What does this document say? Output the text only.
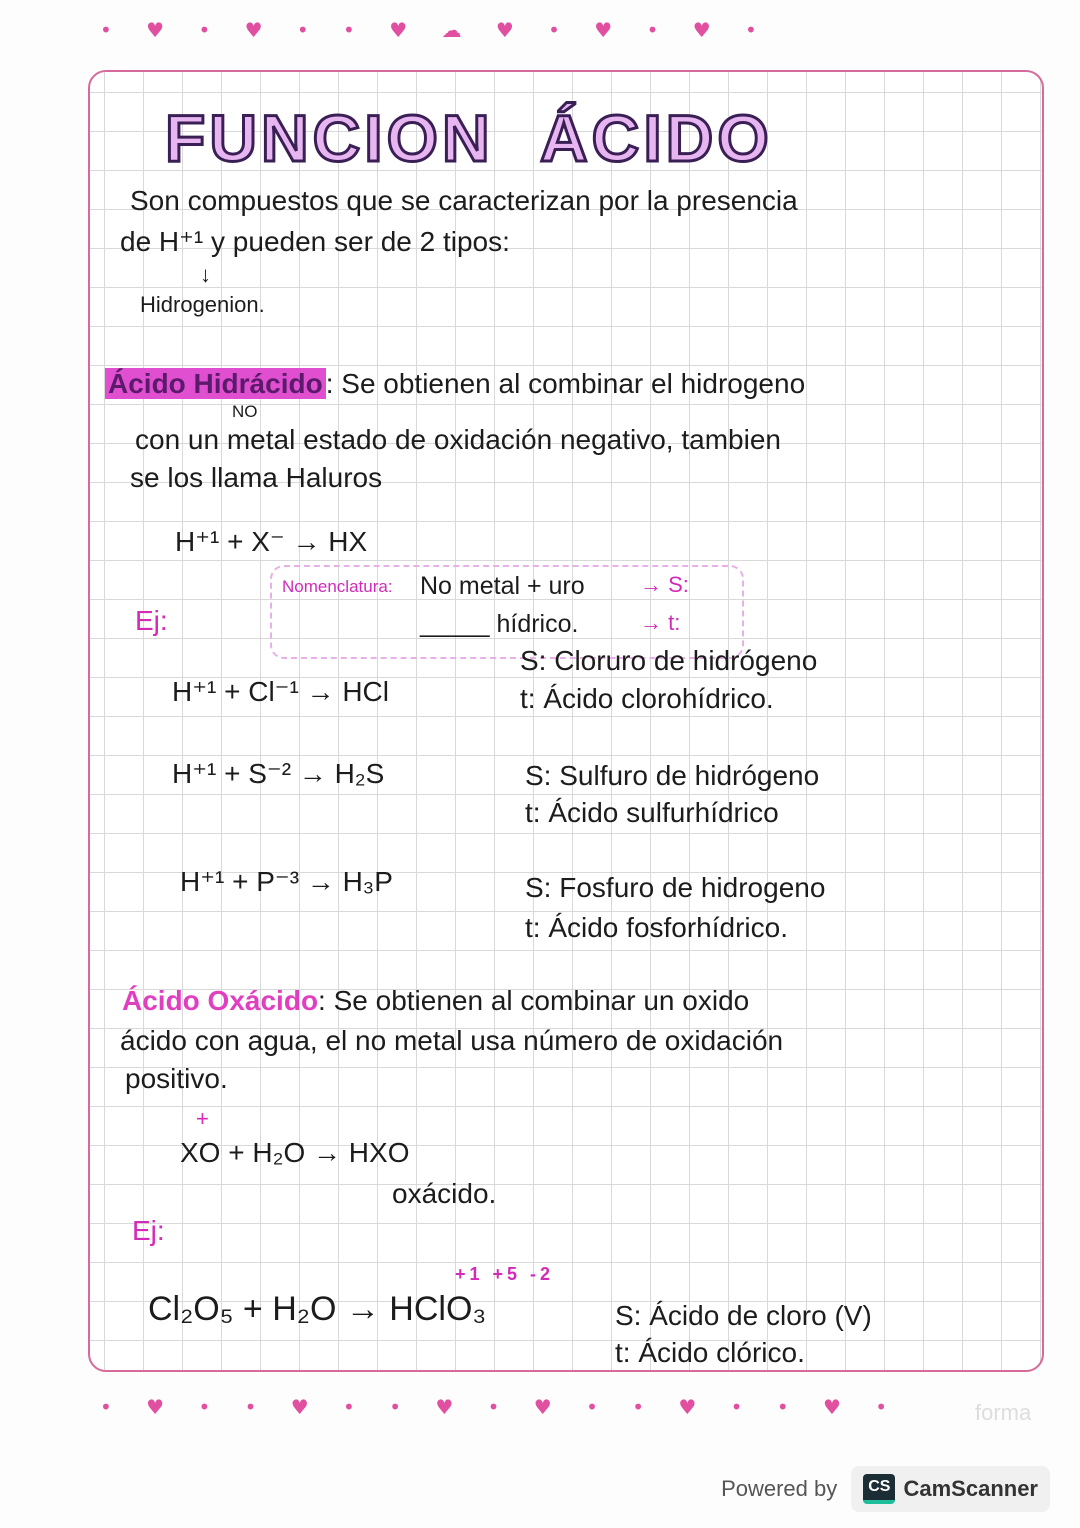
• ♥ • ♥ • • ♥ ☁ ♥ • ♥ • ♥ •
FUNCION ÁCIDO
Son compuestos que se caracterizan por la presencia
de H⁺¹ y pueden ser de 2 tipos:
↓
Hidrogenion.
Ácido Hidrácido : Se obtienen al combinar el hidrogeno
NO
con un metal estado de oxidación negativo, tambien
se los llama Haluros
H⁺¹ + X⁻ → HX
Nomenclatura: No metal + uro	→ S:
_____ hídrico.	→ t:
Ej:
H⁺¹ + Cl⁻¹ → HCl
S: Cloruro de hidrógeno
t: Ácido clorohídrico.
H⁺¹ + S⁻² → H₂S	S: Sulfuro de hidrógeno
t: Ácido sulfurhídrico
H⁺¹ + P⁻³ → H₃P	S: Fosfuro de hidrogeno
t: Ácido fosforhídrico.
Ácido Oxácido: Se obtienen al combinar un oxido
ácido con agua, el no metal usa número de oxidación
positivo.
+
XO + H₂O → HXO
oxácido.
Ej:
+1 +5 -2
Cl₂O₅ + H₂O → HClO₃	S: Ácido de cloro (V)
t: Ácido clórico.
• ♥ • • ♥ • • ♥ • ♥ • • ♥ • • ♥ •	forma
Powered by	CS CamScanner
